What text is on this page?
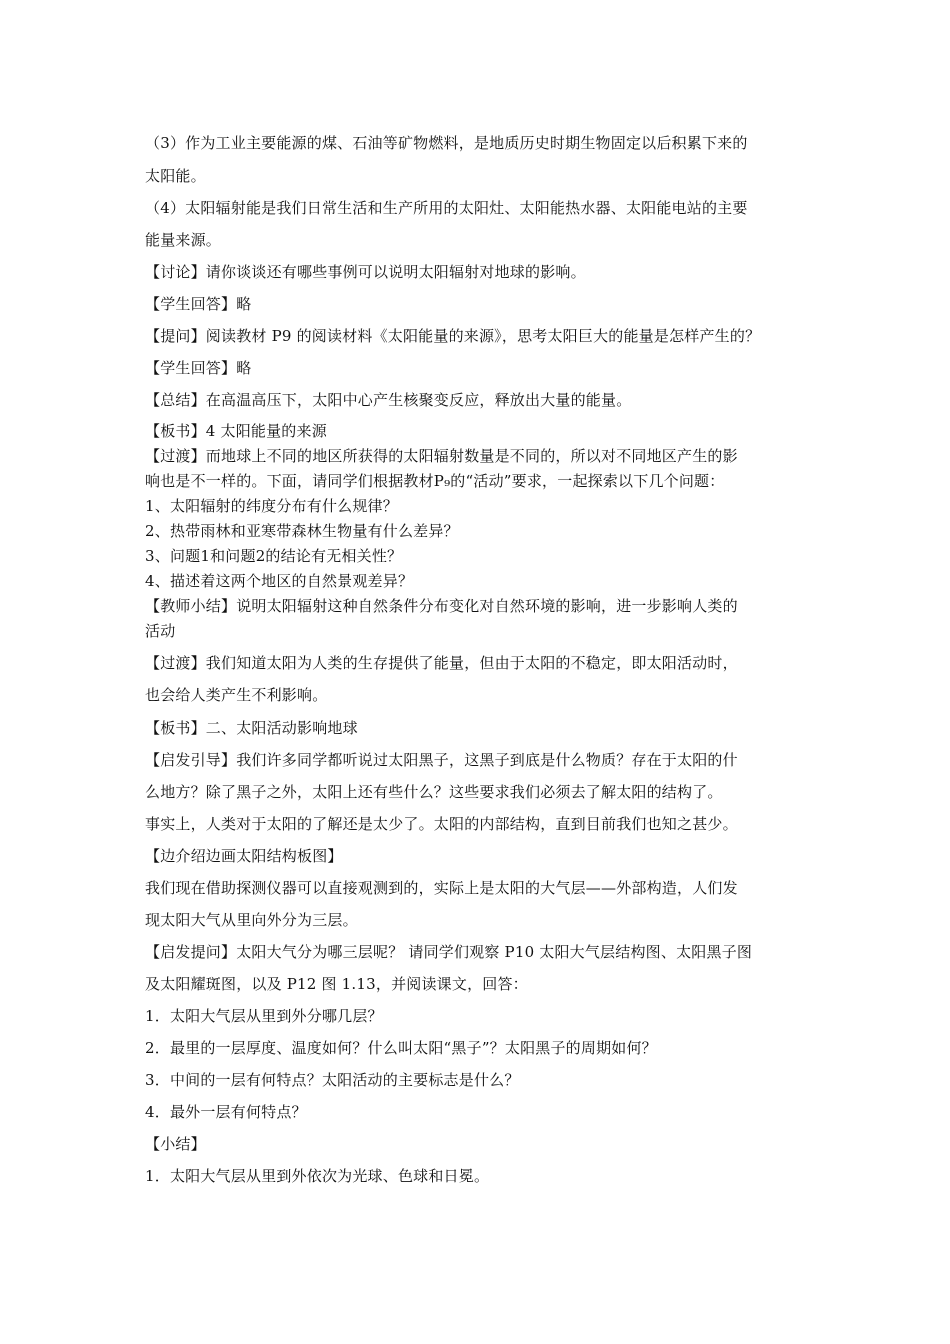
（3）作为工业主要能源的煤、石油等矿物燃料，是地质历史时期生物固定以后积累下来的
太阳能。
（4）太阳辐射能是我们日常生活和生产所用的太阳灶、太阳能热水器、太阳能电站的主要
能量来源。
【讨论】请你谈谈还有哪些事例可以说明太阳辐射对地球的影响。
【学生回答】略
【提问】阅读教材 P9 的阅读材料《太阳能量的来源》，思考太阳巨大的能量是怎样产生的？
【学生回答】略
【总结】在高温高压下，太阳中心产生核聚变反应，释放出大量的能量。
【板书】4 太阳能量的来源
【过渡】而地球上不同的地区所获得的太阳辐射数量是不同的，所以对不同地区产生的影
响也是不一样的。下面，请同学们根据教材P₉的“活动”要求，一起探索以下几个问题：
1、太阳辐射的纬度分布有什么规律？
2、热带雨林和亚寒带森林生物量有什么差异？
3、问题1和问题2的结论有无相关性？
4、描述着这两个地区的自然景观差异？
【教师小结】说明太阳辐射这种自然条件分布变化对自然环境的影响，进一步影响人类的
活动
【过渡】我们知道太阳为人类的生存提供了能量，但由于太阳的不稳定，即太阳活动时，
也会给人类产生不利影响。
【板书】二、太阳活动影响地球
【启发引导】我们许多同学都听说过太阳黑子，这黑子到底是什么物质？存在于太阳的什
么地方？除了黑子之外，太阳上还有些什么？这些要求我们必须去了解太阳的结构了。
事实上，人类对于太阳的了解还是太少了。太阳的内部结构，直到目前我们也知之甚少。
【边介绍边画太阳结构板图】
我们现在借助探测仪器可以直接观测到的，实际上是太阳的大气层——外部构造，人们发
现太阳大气从里向外分为三层。
【启发提问】太阳大气分为哪三层呢？ 请同学们观察 P10 太阳大气层结构图、太阳黑子图
及太阳耀斑图，以及 P12 图 1.13，并阅读课文，回答：
1．太阳大气层从里到外分哪几层？
2．最里的一层厚度、温度如何？什么叫太阳“黑子”？太阳黑子的周期如何？
3．中间的一层有何特点？太阳活动的主要标志是什么？
4．最外一层有何特点？
【小结】
1．太阳大气层从里到外依次为光球、色球和日冕。
